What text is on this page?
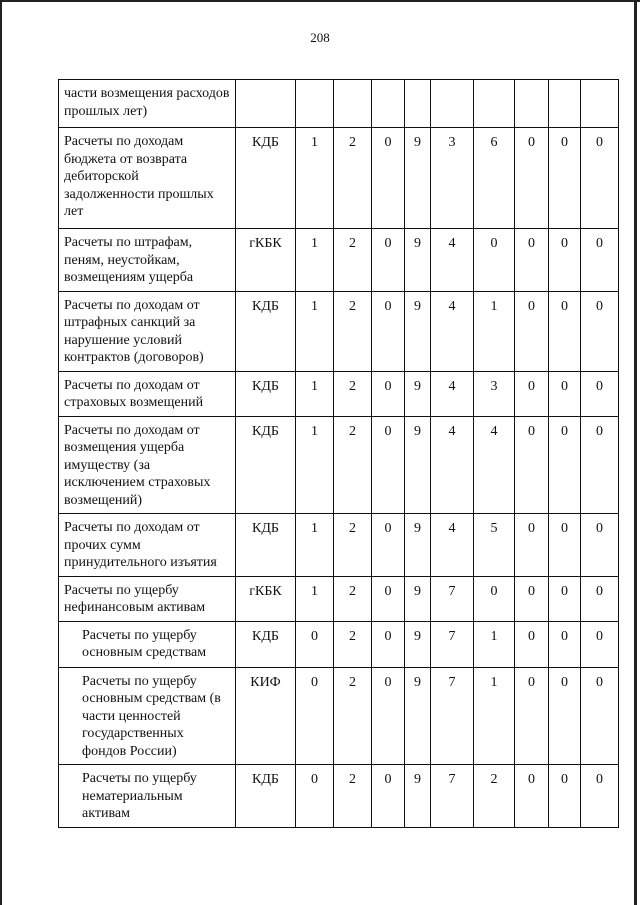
208
части возмещения расходов прошлых лет)										
Расчеты по доходам бюджета от возврата дебиторской задолженности прошлых лет	КДБ	1	2	0	9	3	6	0	0	0
Расчеты по штрафам, пеням, неустойкам, возмещениям ущерба	гКБК	1	2	0	9	4	0	0	0	0
Расчеты по доходам от штрафных санкций за нарушение условий контрактов (договоров)	КДБ	1	2	0	9	4	1	0	0	0
Расчеты по доходам от страховых возмещений	КДБ	1	2	0	9	4	3	0	0	0
Расчеты по доходам от возмещения ущерба имуществу (за исключением страховых возмещений)	КДБ	1	2	0	9	4	4	0	0	0
Расчеты по доходам от прочих сумм принудительного изъятия	КДБ	1	2	0	9	4	5	0	0	0
Расчеты по ущербу нефинансовым активам	гКБК	1	2	0	9	7	0	0	0	0
Расчеты по ущербу основным средствам	КДБ	0	2	0	9	7	1	0	0	0
Расчеты по ущербу основным средствам (в части ценностей государственных фондов России)	КИФ	0	2	0	9	7	1	0	0	0
Расчеты по ущербу нематериальным активам	КДБ	0	2	0	9	7	2	0	0	0
